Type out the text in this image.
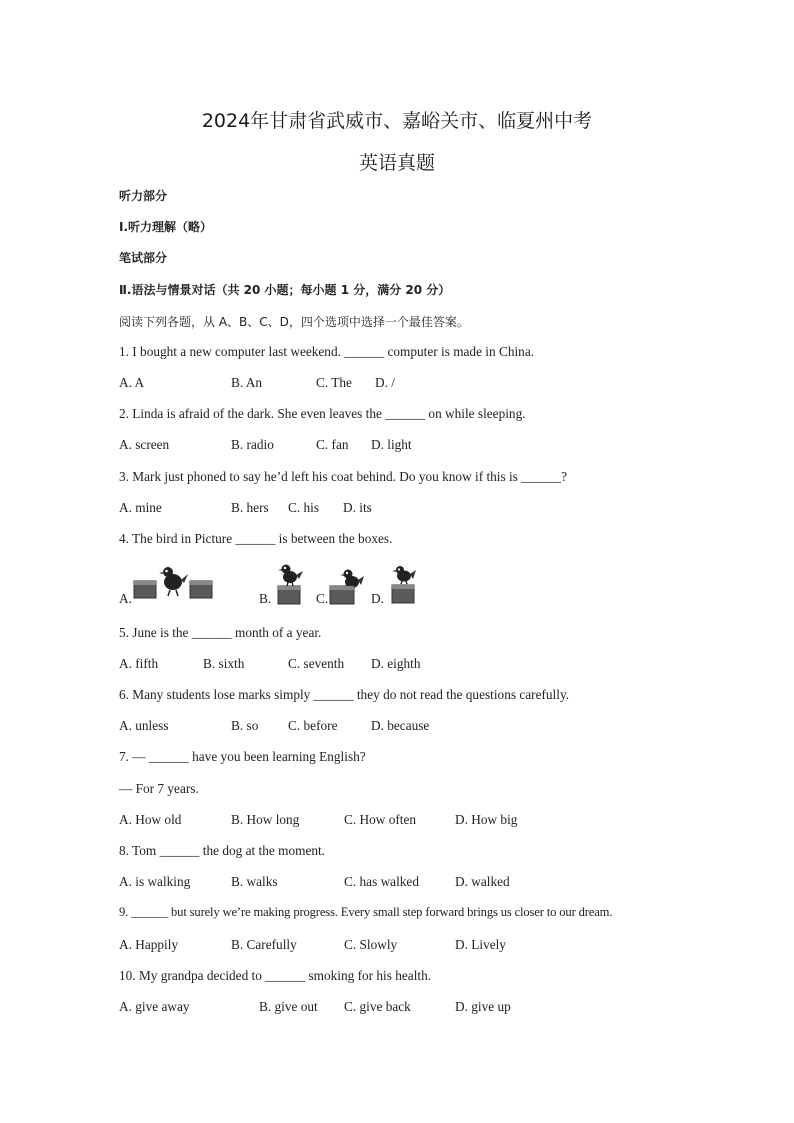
2024年甘肃省武威市、嘉峪关市、临夏州中考
英语真题
听力部分
Ⅰ.听力理解（略）
笔试部分
Ⅱ.语法与情景对话（共 20 小题；每小题 1 分，满分 20 分）
阅读下列各题，从 A、B、C、D，四个选项中选择一个最佳答案。
1. I bought a new computer last weekend. ______ computer is made in China.
A. A	B. An	C. The D. /
2. Linda is afraid of the dark. She even leaves the ______ on while sleeping.
A. screen	B. radio	C. fan D. light
3. Mark just phoned to say he’d left his coat behind. Do you know if this is ______?
A. mine	B. hers C. his D. its
4. The bird in Picture ______ is between the boxes.
A.	B.	C.	D.
5. June is the ______ month of a year.
A. fifth	B. sixth	C. seventh D. eighth
6. Many students lose marks simply ______ they do not read the questions carefully.
A. unless	B. so C. before	D. because
7. — ______ have you been learning English?
— For 7 years.
A. How old	B. How long	C. How often	D. How big
8. Tom ______ the dog at the moment.
A. is walking	B. walks	C. has walked	D. walked
9. ______ but surely we’re making progress. Every small step forward brings us closer to our dream.
A. Happily	B. Carefully	C. Slowly	D. Lively
10. My grandpa decided to ______ smoking for his health.
A. give away	B. give out C. give back	D. give up
